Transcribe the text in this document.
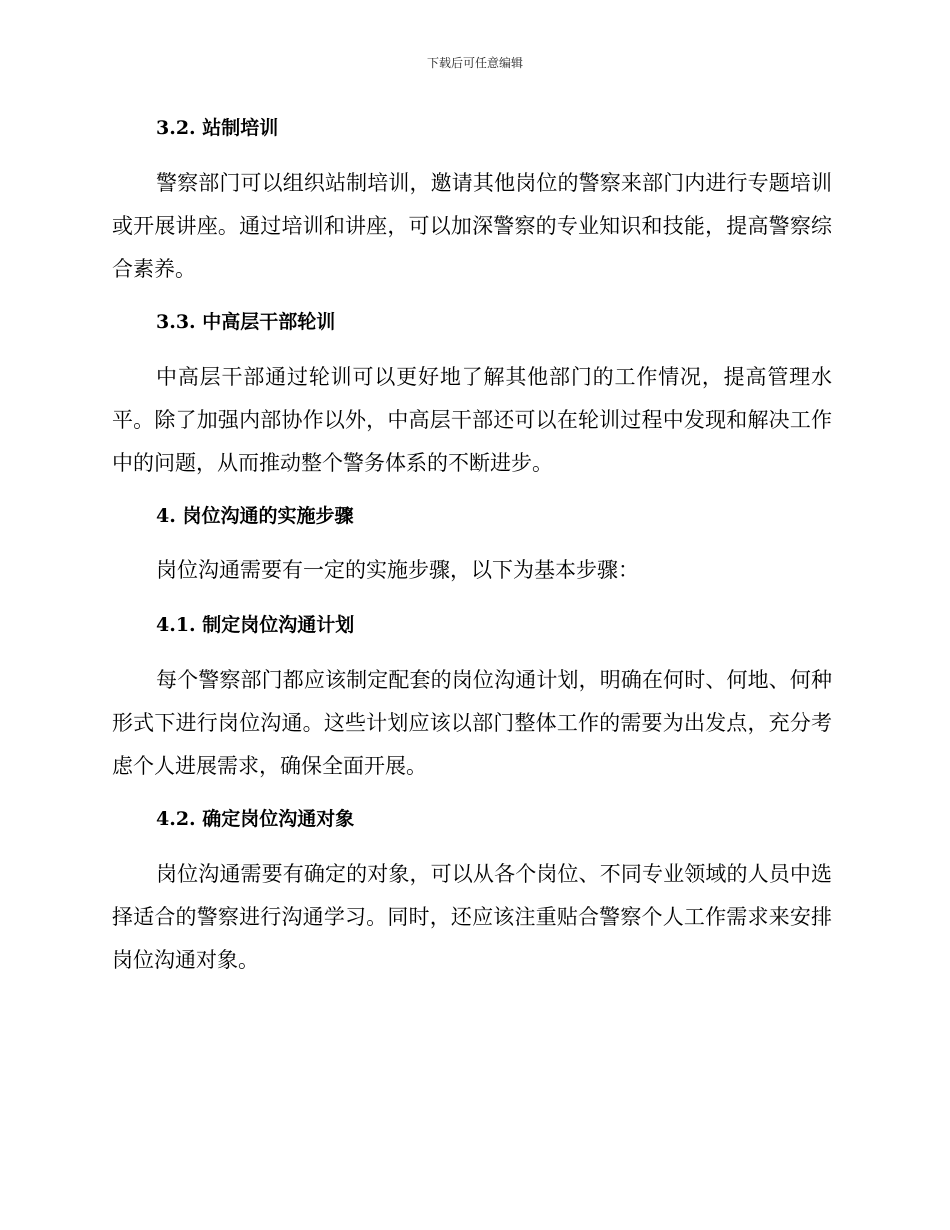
下载后可任意编辑
3.2. 站制培训

警察部门可以组织站制培训，邀请其他岗位的警察来部门内进行专题培训或开展讲座。通过培训和讲座，可以加深警察的专业知识和技能，提高警察综合素养。

3.3. 中高层干部轮训

中高层干部通过轮训可以更好地了解其他部门的工作情况，提高管理水平。除了加强内部协作以外，中高层干部还可以在轮训过程中发现和解决工作中的问题，从而推动整个警务体系的不断进步。

4. 岗位沟通的实施步骤

岗位沟通需要有一定的实施步骤，以下为基本步骤：

4.1. 制定岗位沟通计划

每个警察部门都应该制定配套的岗位沟通计划，明确在何时、何地、何种形式下进行岗位沟通。这些计划应该以部门整体工作的需要为出发点，充分考虑个人进展需求，确保全面开展。

4.2. 确定岗位沟通对象

岗位沟通需要有确定的对象，可以从各个岗位、不同专业领域的人员中选择适合的警察进行沟通学习。同时，还应该注重贴合警察个人工作需求来安排岗位沟通对象。
